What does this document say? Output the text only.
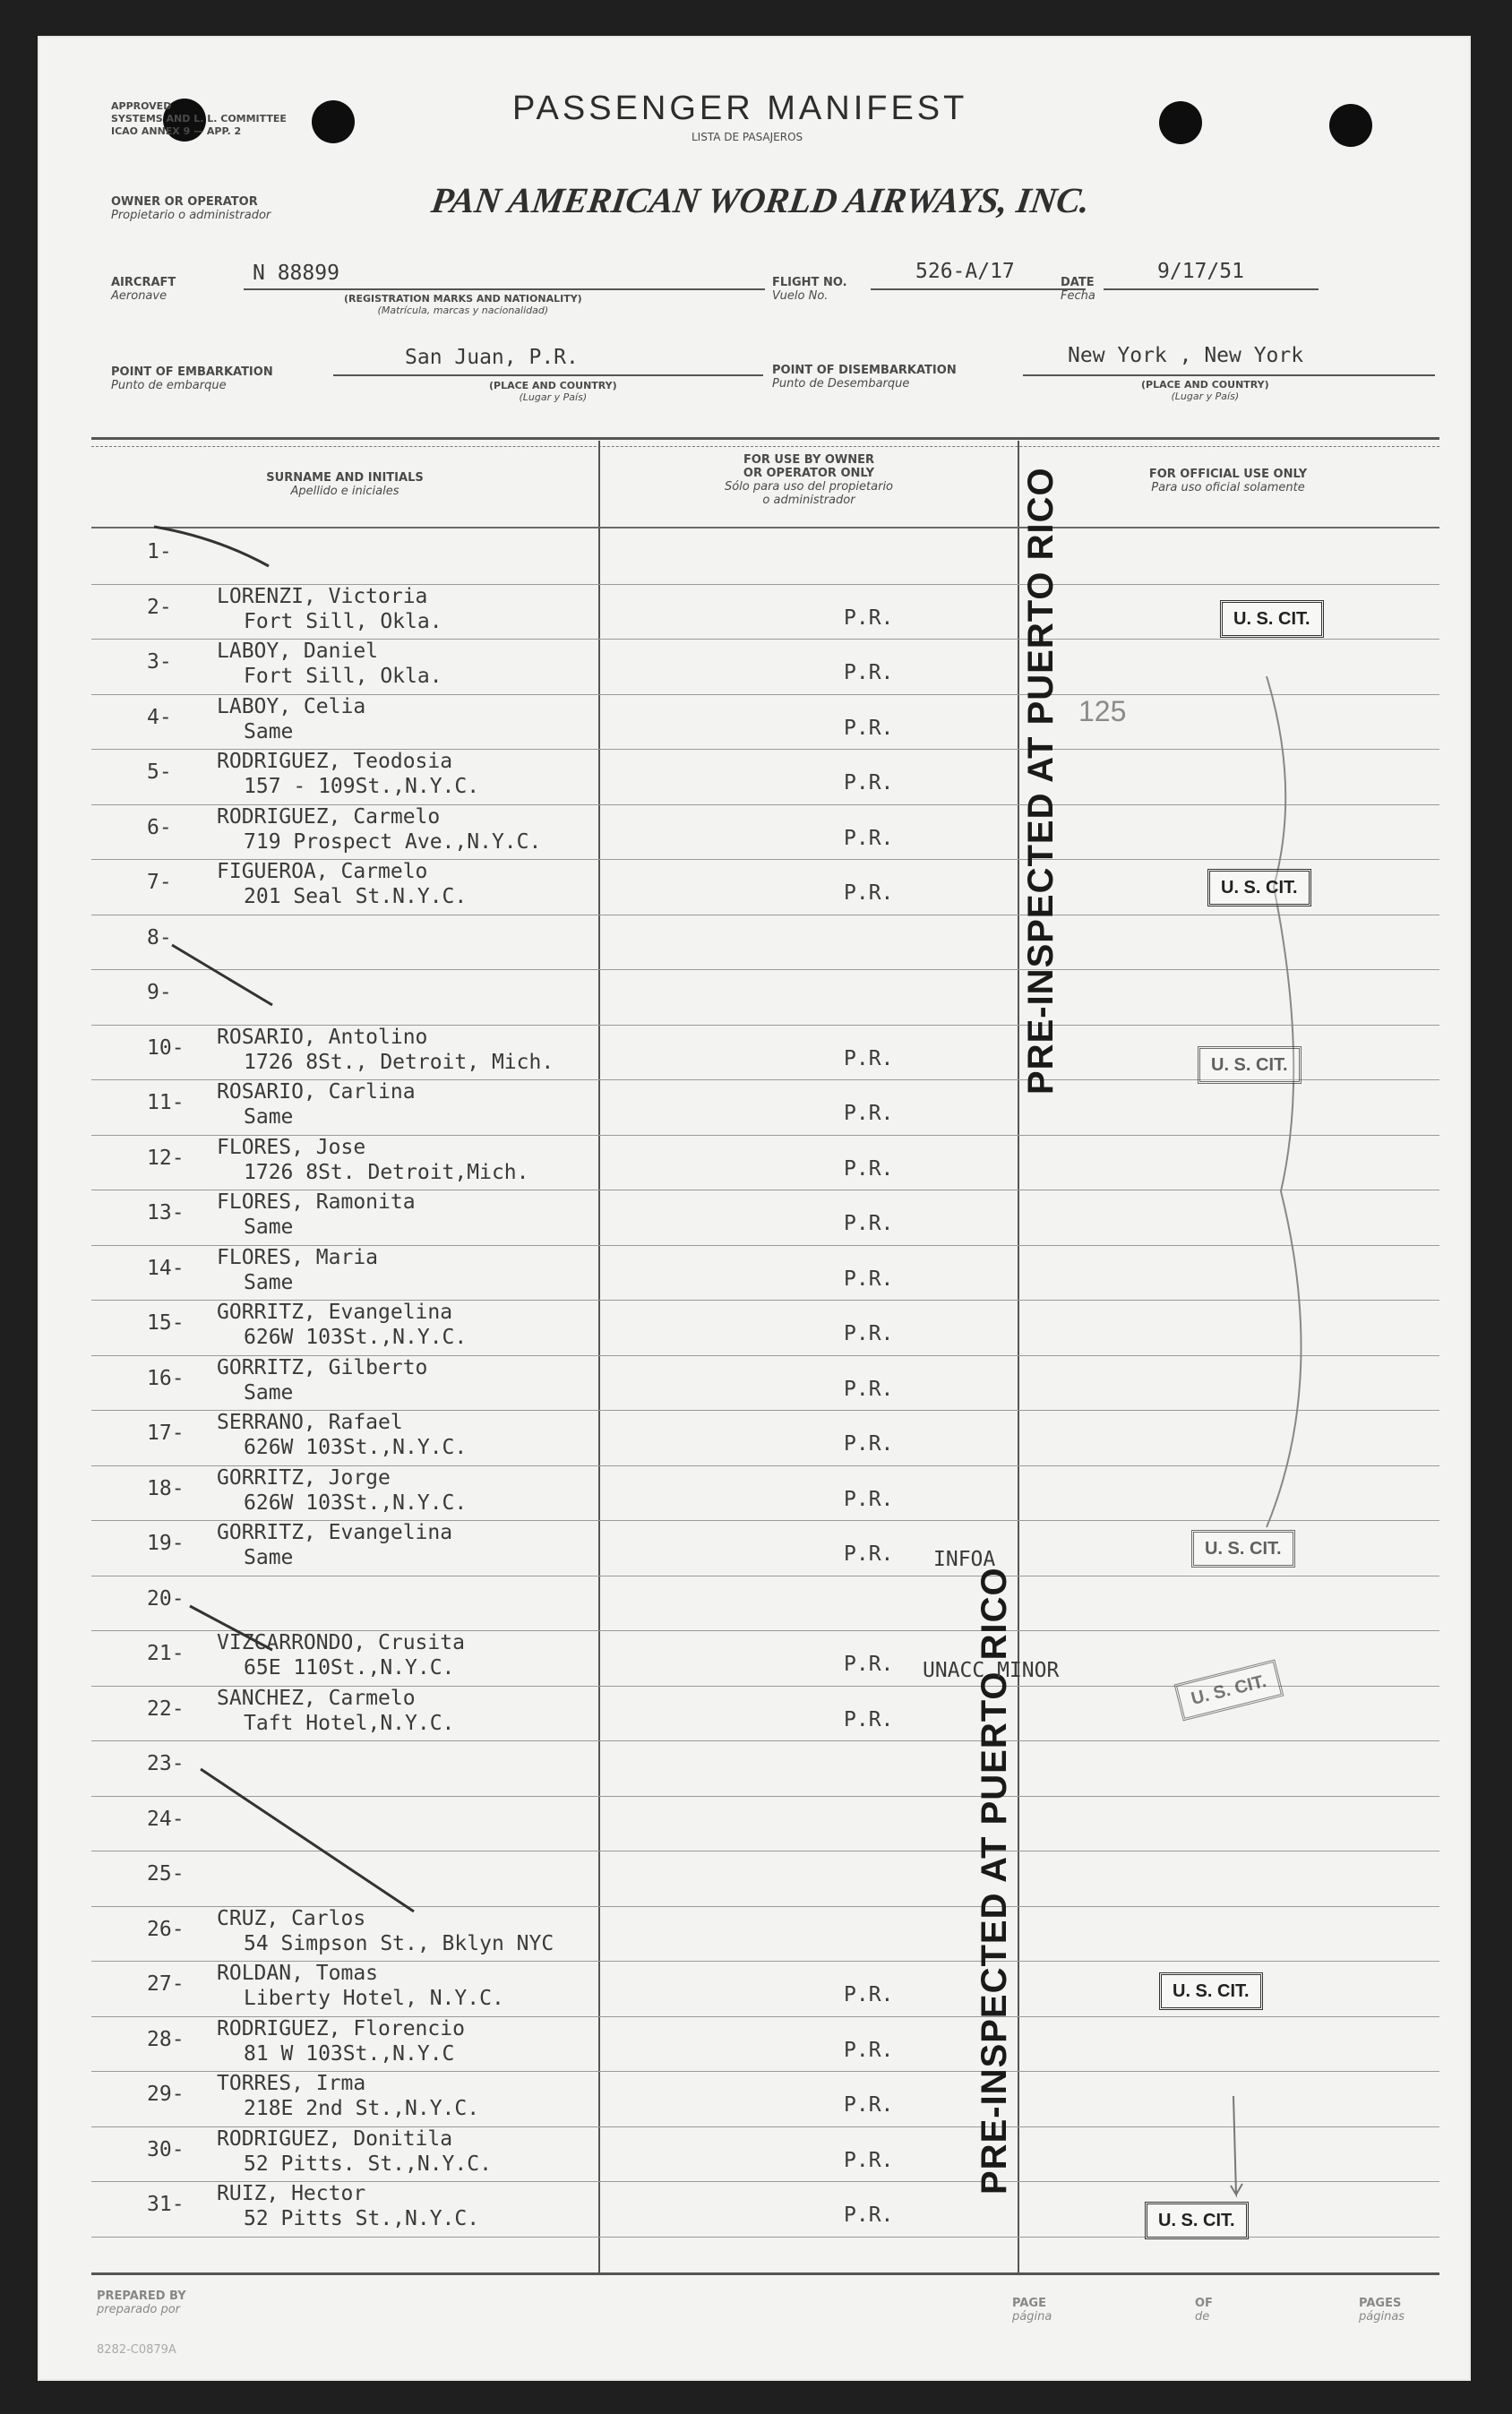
APPROVED
SYSTEMS AND L. L. COMMITTEE
ICAO ANNEX 9 — APP. 2
PASSENGER MANIFEST
LISTA DE PASAJEROS
OWNER OR OPERATOR
Propietario o administrador	PAN AMERICAN WORLD AIRWAYS, INC.
AIRCRAFT
Aeronave
N 88899
(REGISTRATION MARKS AND NATIONALITY)
(Matrícula, marcas y nacionalidad)
FLIGHT NO.
Vuelo No.
526-A/17	DATE
Fecha
9/17/51
POINT OF EMBARKATION
Punto de embarque
San Juan, P.R.
(PLACE AND COUNTRY)
(Lugar y País)
POINT OF DISEMBARKATION
Punto de Desembarque
New York , New York
(PLACE AND COUNTRY)
(Lugar y País)
SURNAME AND INITIALS
Apellido e iniciales
FOR USE BY OWNER
OR OPERATOR ONLY
Sólo para uso del propietario
o administrador
FOR OFFICIAL USE ONLY
Para uso oficial solamente
1-
2- LORENZI, Victoria
Fort Sill, Okla.	P.R.
3- LABOY, Daniel
Fort Sill, Okla.	P.R.
4- LABOY, Celia
Same	P.R.
5- RODRIGUEZ, Teodosia
157 - 109St.,N.Y.C.	P.R.
6- RODRIGUEZ, Carmelo
719 Prospect Ave.,N.Y.C.	P.R.
7- FIGUEROA, Carmelo
201 Seal St.N.Y.C.	P.R.
8-
9-
10- ROSARIO, Antolino
1726 8St., Detroit, Mich.	P.R.
11- ROSARIO, Carlina
Same	P.R.
12- FLORES, Jose
1726 8St. Detroit,Mich.	P.R.
13- FLORES, Ramonita
Same	P.R.
14- FLORES, Maria
Same	P.R.
15- GORRITZ, Evangelina
626W 103St.,N.Y.C.	P.R.
16- GORRITZ, Gilberto
Same	P.R.
17- SERRANO, Rafael
626W 103St.,N.Y.C.	P.R.
18- GORRITZ, Jorge
626W 103St.,N.Y.C.	P.R.
19- GORRITZ, Evangelina
Same	P.R.
20-
21- VIZCARRONDO, Crusita
65E 110St.,N.Y.C.	P.R.
22- SANCHEZ, Carmelo
Taft Hotel,N.Y.C.	P.R.
23-
24-
25-
26- CRUZ, Carlos
54 Simpson St., Bklyn NYC
27- ROLDAN, Tomas
Liberty Hotel, N.Y.C.	P.R.
28- RODRIGUEZ, Florencio
81 W 103St.,N.Y.C	P.R.
29- TORRES, Irma
218E 2nd St.,N.Y.C.	P.R.
30- RODRIGUEZ, Donitila
52 Pitts. St.,N.Y.C.	P.R.
31- RUIZ, Hector
52 Pitts St.,N.Y.C.	P.R.
PRE-INSPECTED AT PUERTO RICO
PRE-INSPECTED AT PUERTO RICO
U. S. CIT.
U. S. CIT.
U. S. CIT.
U. S. CIT.
U. S. CIT.
U. S. CIT.
U. S. CIT.
125
INFOA
UNACC MINOR
PREPARED BY
preparado por	PAGE
página
OF
de
PAGES
páginas
8282-C0879A
